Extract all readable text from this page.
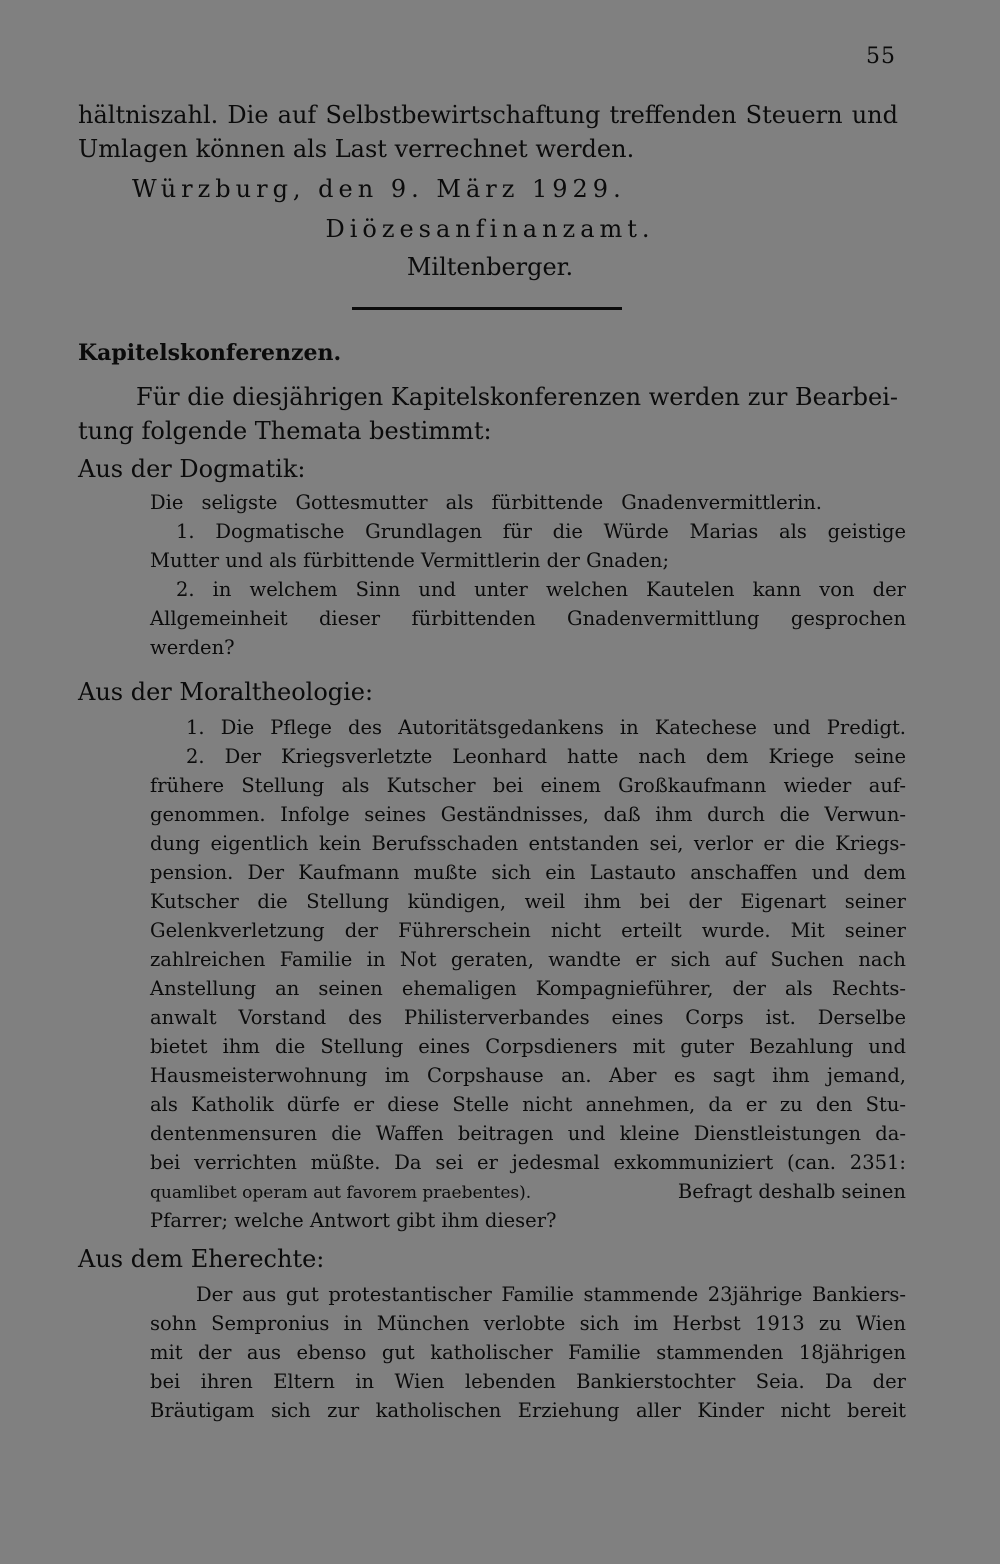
55
hältniszahl. Die auf Selbstbewirtschaftung treffenden Steuern und
Umlagen können als Last verrechnet werden.
Würzburg, den 9. März 1929.
Diözesanfinanzamt.
Miltenberger.
Kapitelskonferenzen.
Für die diesjährigen Kapitelskonferenzen werden zur Bearbei-
tung folgende Themata bestimmt:
Aus der Dogmatik:
Die seligste Gottesmutter als fürbittende Gnadenvermittlerin.
1. Dogmatische Grundlagen für die Würde Marias als geistige
Mutter und als fürbittende Vermittlerin der Gnaden;
2. in welchem Sinn und unter welchen Kautelen kann von der
Allgemeinheit dieser fürbittenden Gnadenvermittlung gesprochen
werden?
Aus der Moraltheologie:
1. Die Pflege des Autoritätsgedankens in Katechese und Predigt.
2. Der Kriegsverletzte Leonhard hatte nach dem Kriege seine
frühere Stellung als Kutscher bei einem Großkaufmann wieder auf-
genommen. Infolge seines Geständnisses, daß ihm durch die Verwun-
dung eigentlich kein Berufsschaden entstanden sei, verlor er die Kriegs-
pension. Der Kaufmann mußte sich ein Lastauto anschaffen und dem
Kutscher die Stellung kündigen, weil ihm bei der Eigenart seiner
Gelenkverletzung der Führerschein nicht erteilt wurde. Mit seiner
zahlreichen Familie in Not geraten, wandte er sich auf Suchen nach
Anstellung an seinen ehemaligen Kompagnieführer, der als Rechts-
anwalt Vorstand des Philisterverbandes eines Corps ist. Derselbe
bietet ihm die Stellung eines Corpsdieners mit guter Bezahlung und
Hausmeisterwohnung im Corpshause an. Aber es sagt ihm jemand,
als Katholik dürfe er diese Stelle nicht annehmen, da er zu den Stu-
dentenmensuren die Waffen beitragen und kleine Dienstleistungen da-
bei verrichten müßte. Da sei er jedesmal exkommuniziert (can. 2351:
quamlibet operam aut favorem praebentes).	Befragt deshalb seinen
Pfarrer; welche Antwort gibt ihm dieser?
Aus dem Eherechte:
Der aus gut protestantischer Familie stammende 23jährige Bankiers-
sohn Sempronius in München verlobte sich im Herbst 1913 zu Wien
mit der aus ebenso gut katholischer Familie stammenden 18jährigen
bei ihren Eltern in Wien lebenden Bankierstochter Seia. Da der
Bräutigam sich zur katholischen Erziehung aller Kinder nicht bereit
